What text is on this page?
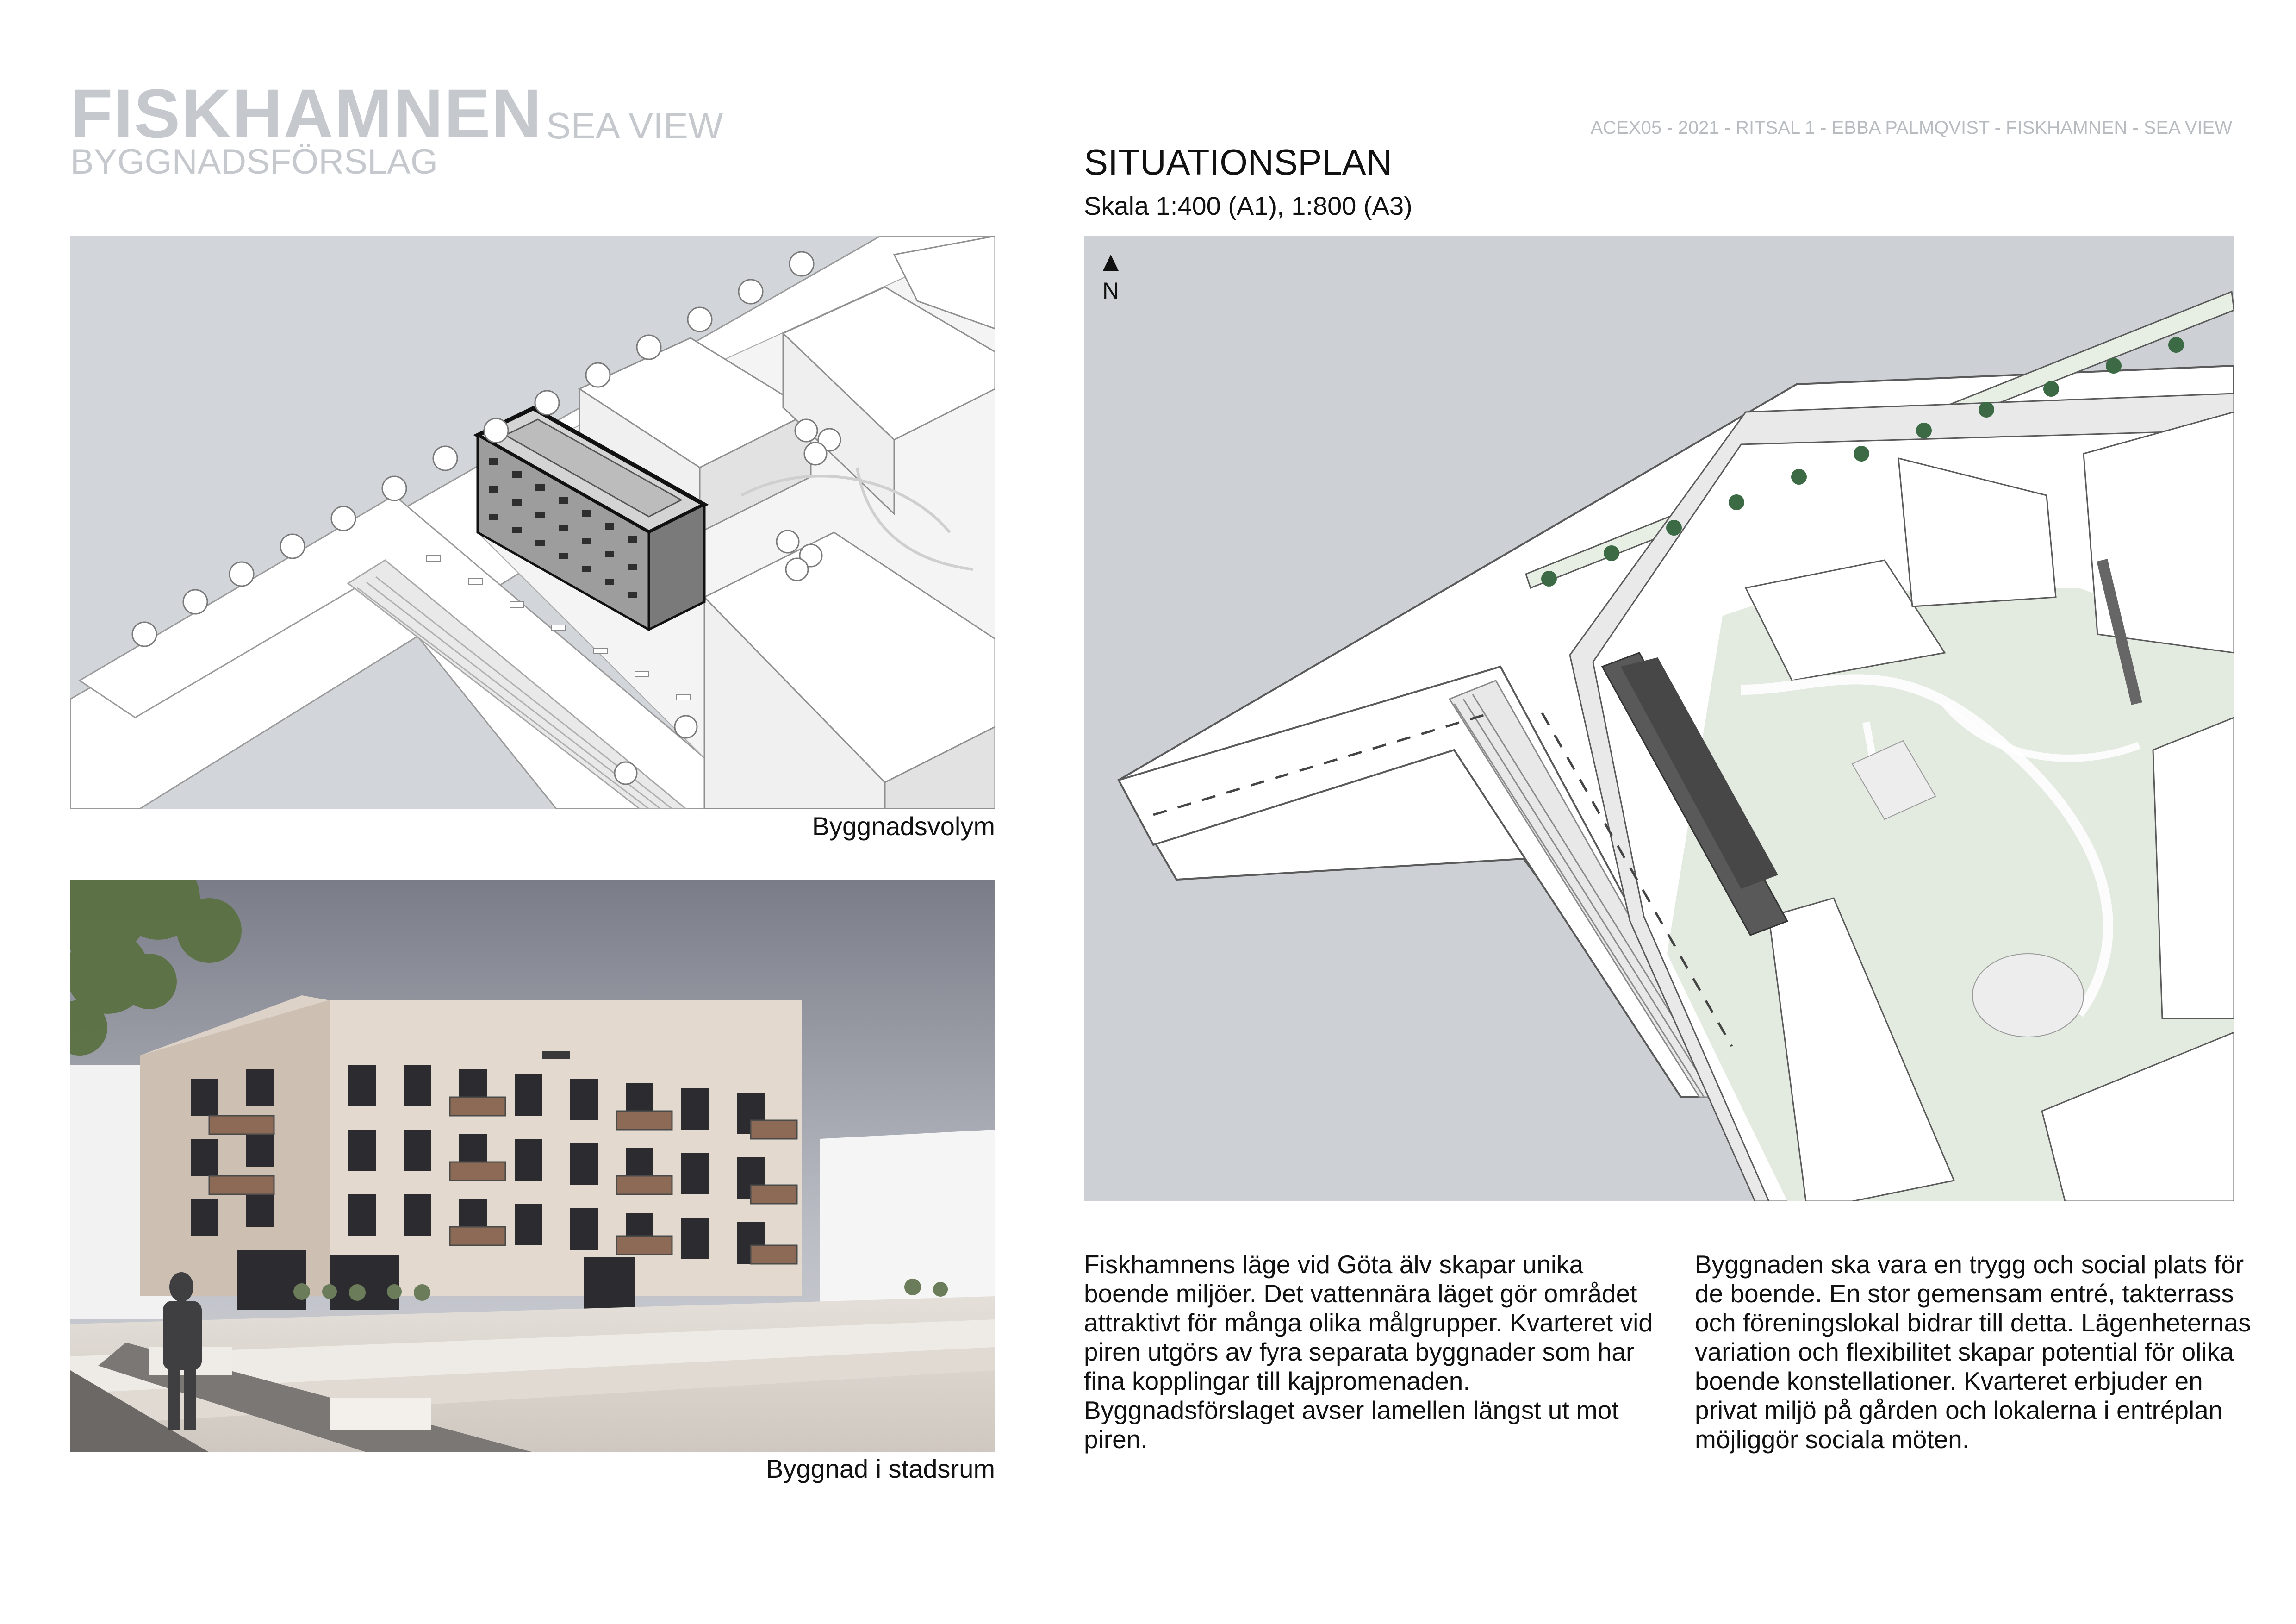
FISKHAMNEN SEA VIEW
BYGGNADSFÖRSLAG
ACEX05 - 2021 - RITSAL 1 - EBBA PALMQVIST - FISKHAMNEN - SEA VIEW
Byggnadsvolym
Byggnad i stadsrum
SITUATIONSPLAN
Skala 1:400 (A1), 1:800 (A3)
N

Fiskhamnens läge vid Göta älv skapar unika boende miljöer. Det vattennära läget gör området attraktivt för många olika målgrupper. Kvarteret vid piren utgörs av fyra separata byggnader som har fina kopplingar till kajpromenaden. Byggnadsförslaget avser lamellen längst ut mot piren.

Byggnaden ska vara en trygg och social plats för de boende. En stor gemensam entré, takterrass och föreningslokal bidrar till detta. Lägenheternas variation och flexibilitet skapar potential för olika boende konstellationer. Kvarteret erbjuder en privat miljö på gården och lokalerna i entréplan möjliggör sociala möten.
